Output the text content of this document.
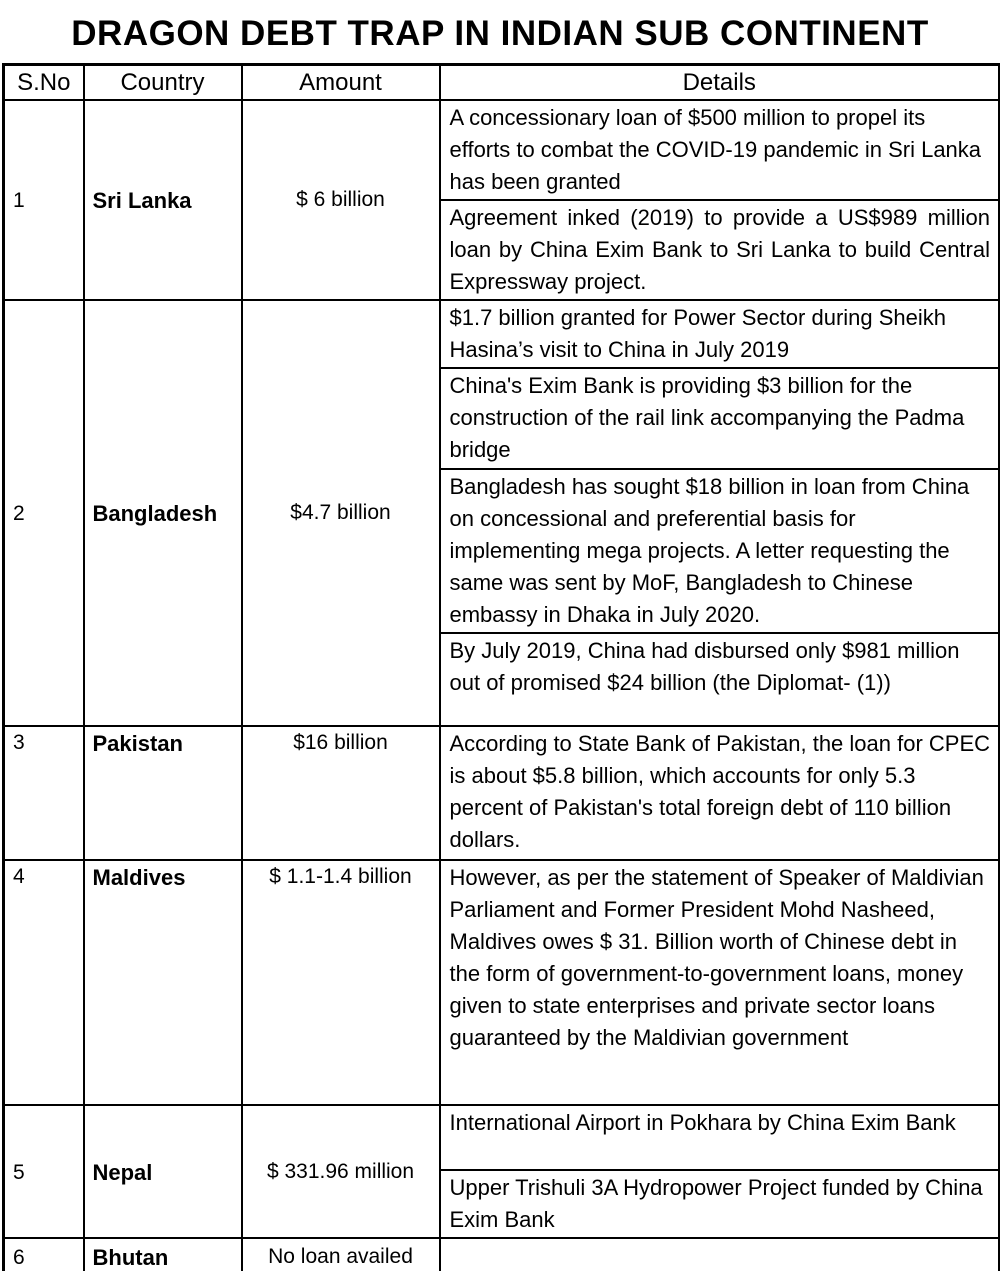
DRAGON DEBT TRAP IN INDIAN SUB CONTINENT
S.No	Country	Amount	Details
1	Sri Lanka	$ 6 billion	A concessionary loan of $500 million to propel its efforts to combat the COVID-19 pandemic in Sri Lanka has been granted
			Agreement inked (2019) to provide a US$989 million loan by China Exim Bank to Sri Lanka to build Central Expressway project.
2	Bangladesh	$4.7 billion	$1.7 billion granted for Power Sector during Sheikh Hasina’s visit to China in July 2019
			China's Exim Bank is providing $3 billion for the construction of the rail link accompanying the Padma bridge
			Bangladesh has sought $18 billion in loan from China on concessional and preferential basis for implementing mega projects. A letter requesting the same was sent by MoF, Bangladesh to Chinese embassy in Dhaka in July 2020.
			By July 2019, China had disbursed only $981 million out of promised $24 billion (the Diplomat- (1))
3	Pakistan	$16 billion	According to State Bank of Pakistan, the loan for CPEC is about $5.8 billion, which accounts for only 5.3 percent of Pakistan's total foreign debt of 110 billion dollars.
4	Maldives	$ 1.1-1.4 billion	However, as per the statement of Speaker of Maldivian Parliament and Former President Mohd Nasheed, Maldives owes $ 31. Billion worth of Chinese debt in the form of government-to-government loans, money given to state enterprises and private sector loans guaranteed by the Maldivian government
5	Nepal	$ 331.96 million	International Airport in Pokhara by China Exim Bank
			Upper Trishuli 3A Hydropower Project funded by China Exim Bank
6	Bhutan	No loan availed	
